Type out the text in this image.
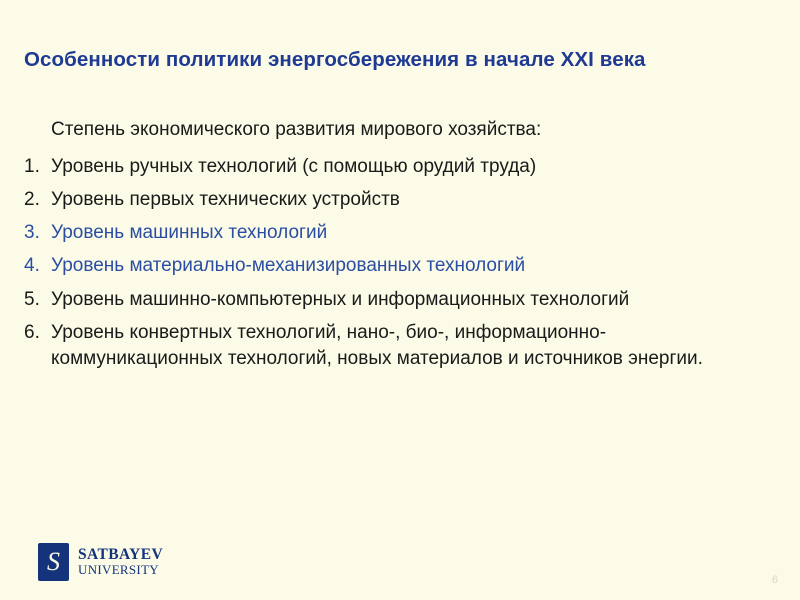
Особенности политики энергосбережения в начале XXI века

Степень экономического развития мирового хозяйства:

1. Уровень ручных технологий (с помощью орудий труда)
2. Уровень первых технических устройств
3. Уровень машинных технологий
4. Уровень материально-механизированных технологий
5. Уровень машинно-компьютерных и информационных технологий
6. Уровень конвертных технологий, нано-, био-, информационно-коммуникационных технологий, новых материалов и источников энергии.
S	SATBAYEV
UNIVERSITY
6
